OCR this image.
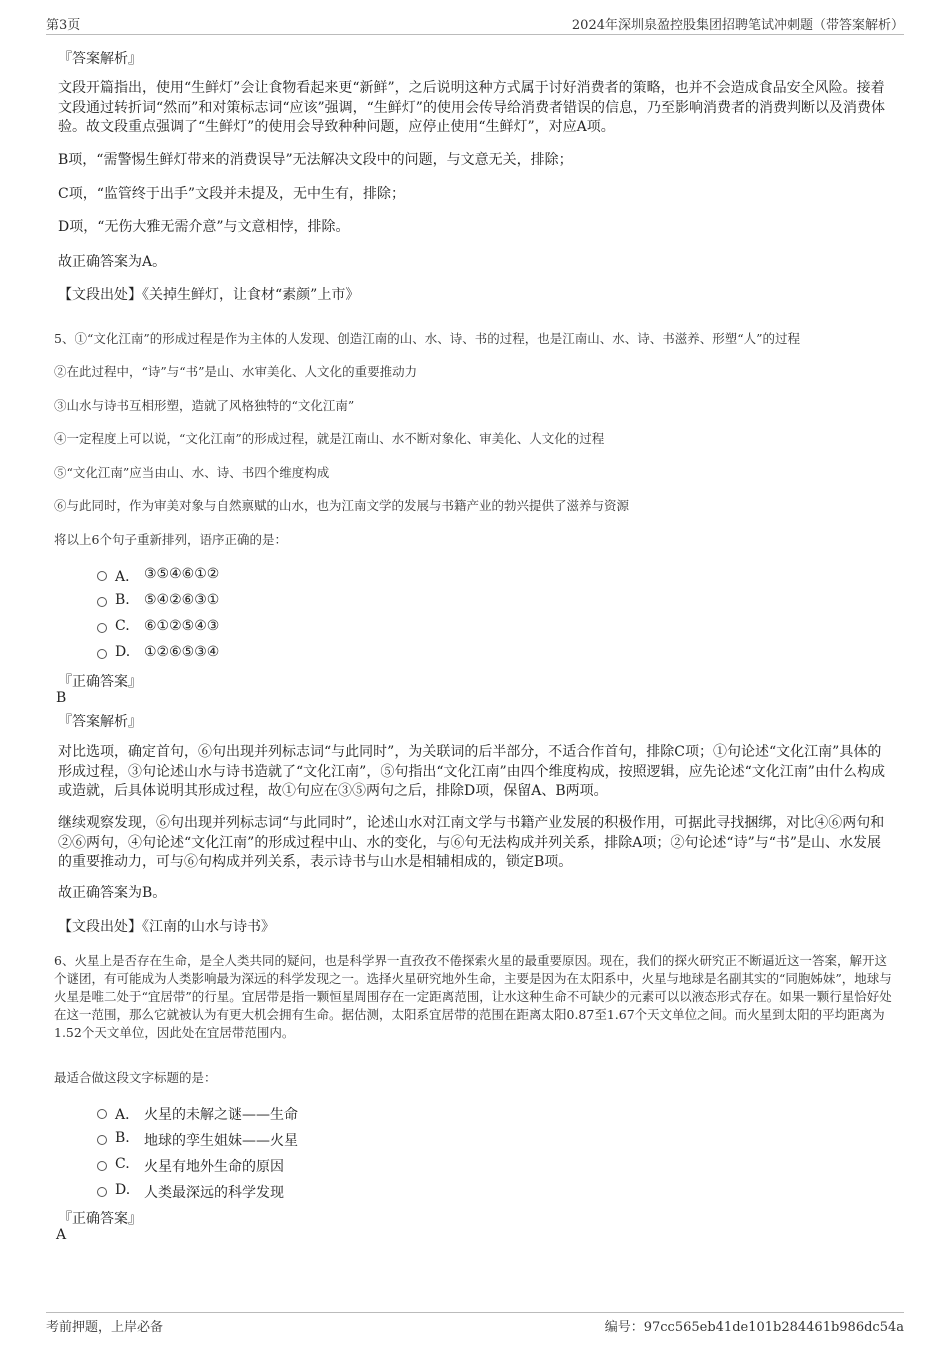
第3页	2024年深圳泉盈控股集团招聘笔试冲刺题（带答案解析）
『答案解析』
文段开篇指出，使用“生鲜灯”会让食物看起来更“新鲜”，之后说明这种方式属于讨好消费者的策略，也并不会造成食品安全风险。接着文段通过转折词“然而”和对策标志词“应该”强调，“生鲜灯”的使用会传导给消费者错误的信息，乃至影响消费者的消费判断以及消费体验。故文段重点强调了“生鲜灯”的使用会导致种种问题，应停止使用“生鲜灯”，对应A项。
B项，“需警惕生鲜灯带来的消费误导”无法解决文段中的问题，与文意无关，排除；
C项，“监管终于出手”文段并未提及，无中生有，排除；
D项，“无伤大雅无需介意”与文意相悖，排除。
故正确答案为A。
【文段出处】《关掉生鲜灯，让食材“素颜”上市》
5、①“文化江南”的形成过程是作为主体的人发现、创造江南的山、水、诗、书的过程，也是江南山、水、诗、书滋养、形塑“人”的过程
②在此过程中，“诗”与“书”是山、水审美化、人文化的重要推动力
③山水与诗书互相形塑，造就了风格独特的“文化江南”
④一定程度上可以说，“文化江南”的形成过程，就是江南山、水不断对象化、审美化、人文化的过程
⑤“文化江南”应当由山、水、诗、书四个维度构成
⑥与此同时，作为审美对象与自然禀赋的山水，也为江南文学的发展与书籍产业的勃兴提供了滋养与资源
将以上6个句子重新排列，语序正确的是：
A． ③⑤④⑥①②
B. ⑤④②⑥③①
C. ⑥①②⑤④③
D. ①②⑥⑤③④
『正确答案』
B
『答案解析』
对比选项，确定首句，⑥句出现并列标志词“与此同时”，为关联词的后半部分，不适合作首句，排除C项；①句论述“文化江南”具体的形成过程，③句论述山水与诗书造就了“文化江南”，⑤句指出“文化江南”由四个维度构成，按照逻辑，应先论述“文化江南”由什么构成或造就，后具体说明其形成过程，故①句应在③⑤两句之后，排除D项，保留A、B两项。
继续观察发现，⑥句出现并列标志词“与此同时”，论述山水对江南文学与书籍产业发展的积极作用，可据此寻找捆绑，对比④⑥两句和②⑥两句，④句论述“文化江南”的形成过程中山、水的变化，与⑥句无法构成并列关系，排除A项；②句论述“诗”与“书”是山、水发展的重要推动力，可与⑥句构成并列关系，表示诗书与山水是相辅相成的，锁定B项。
故正确答案为B。
【文段出处】《江南的山水与诗书》
6、火星上是否存在生命，是全人类共同的疑问，也是科学界一直孜孜不倦探索火星的最重要原因。现在，我们的探火研究正不断逼近这一答案，解开这个谜团，有可能成为人类影响最为深远的科学发现之一。选择火星研究地外生命，主要是因为在太阳系中，火星与地球是名副其实的“同胞姊妹”，地球与火星是唯二处于“宜居带”的行星。宜居带是指一颗恒星周围存在一定距离范围，让水这种生命不可缺少的元素可以以液态形式存在。如果一颗行星恰好处在这一范围，那么它就被认为有更大机会拥有生命。据估测，太阳系宜居带的范围在距离太阳0.87至1.67个天文单位之间。而火星到太阳的平均距离为1.52个天文单位，因此处在宜居带范围内。
最适合做这段文字标题的是：
A． 火星的未解之谜——生命
B. 地球的孪生姐妹——火星
C. 火星有地外生命的原因
D. 人类最深远的科学发现
『正确答案』
A
考前押题，上岸必备	编号：97cc565eb41de101b284461b986dc54a
